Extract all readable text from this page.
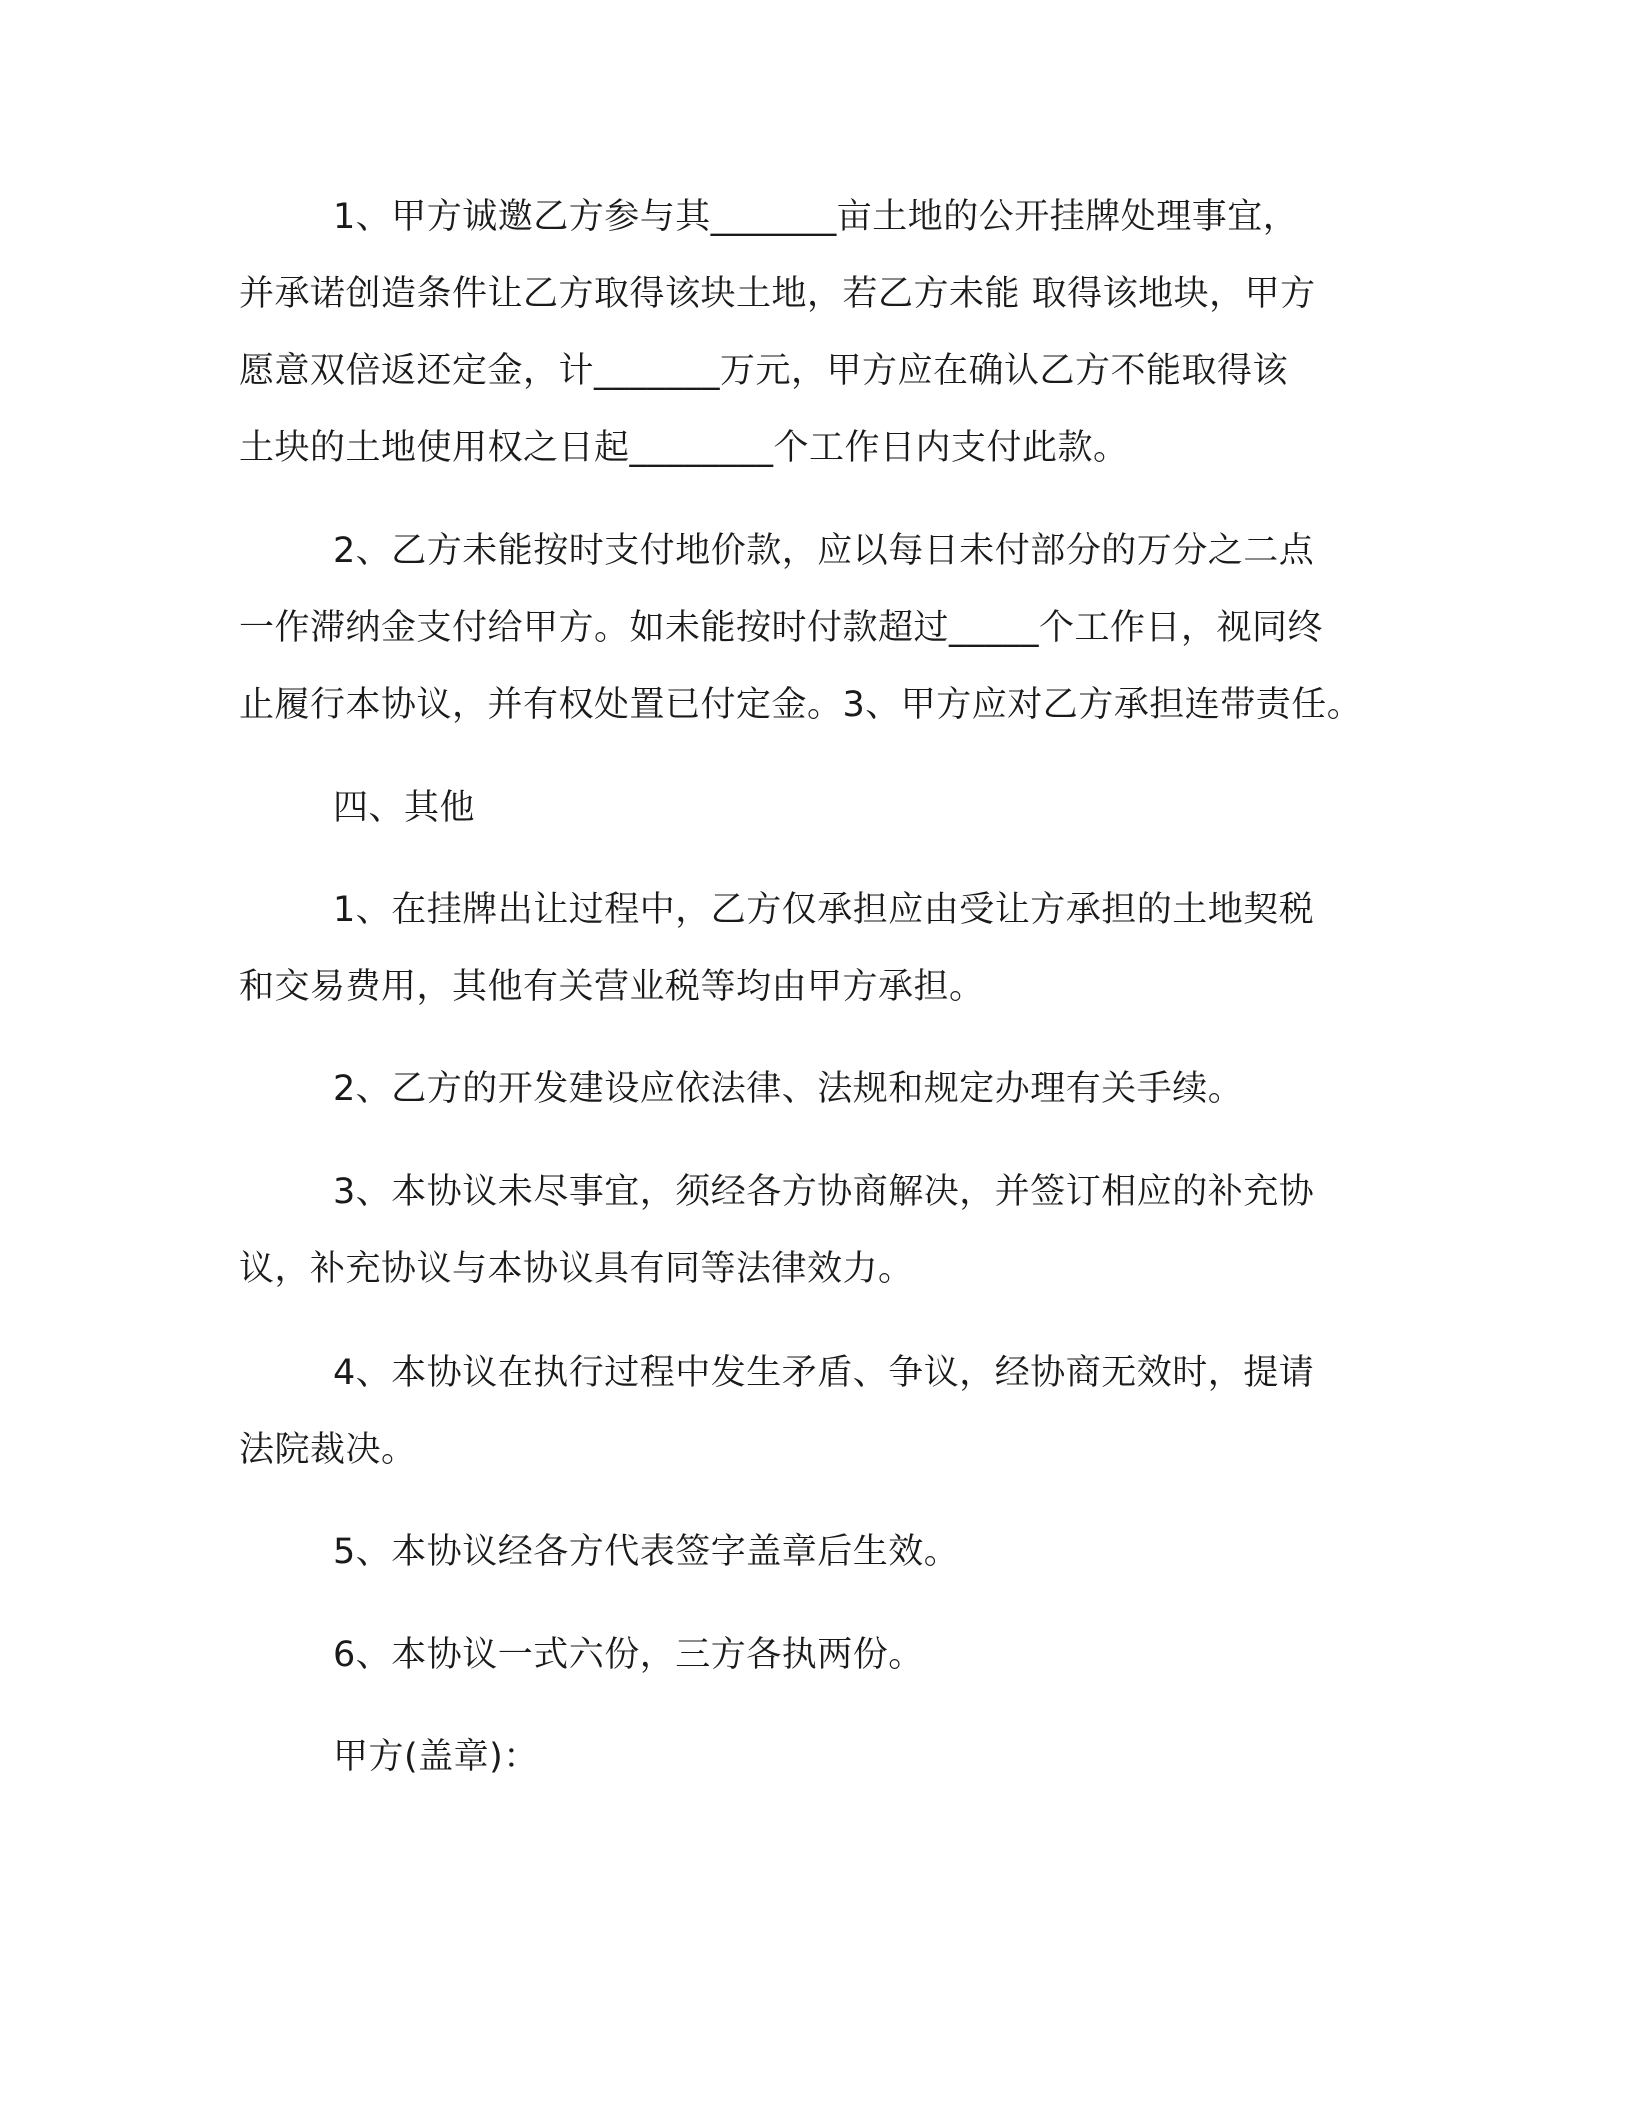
1、甲方诚邀乙方参与其_______亩土地的公开挂牌处理事宜，
并承诺创造条件让乙方取得该块土地，若乙方未能 取得该地块，甲方
愿意双倍返还定金，计_______万元，甲方应在确认乙方不能取得该
土块的土地使用权之日起________个工作日内支付此款。
2、乙方未能按时支付地价款，应以每日未付部分的万分之二点
一作滞纳金支付给甲方。如未能按时付款超过_____个工作日，视同终
止履行本协议，并有权处置已付定金。3、甲方应对乙方承担连带责任。
四、其他
1、在挂牌出让过程中，乙方仅承担应由受让方承担的土地契税
和交易费用，其他有关营业税等均由甲方承担。
2、乙方的开发建设应依法律、法规和规定办理有关手续。
3、本协议未尽事宜，须经各方协商解决，并签订相应的补充协
议，补充协议与本协议具有同等法律效力。
4、本协议在执行过程中发生矛盾、争议，经协商无效时，提请
法院裁决。
5、本协议经各方代表签字盖章后生效。
6、本协议一式六份，三方各执两份。
甲方(盖章)：
